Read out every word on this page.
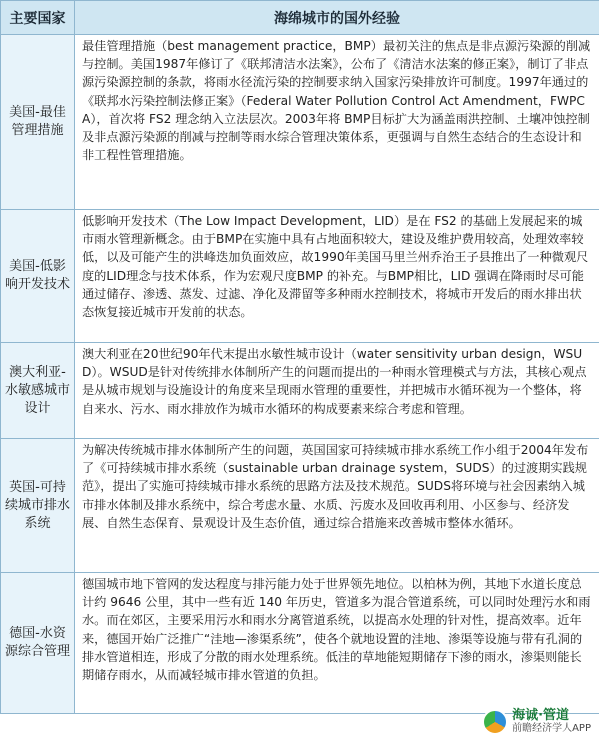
主要国家	海绵城市的国外经验
美国-最佳管理措施	最佳管理措施（best management practice，BMP）最初关注的焦点是非点源污染源的削减与控制。美国1987年修订了《联邦清洁水法案》，公布了《清洁水法案的修正案》，制订了非点源污染源控制的条款，将雨水径流污染的控制要求纳入国家污染排放许可制度。1997年通过的《联邦水污染控制法修正案》（Federal Water Pollution Control Act Amendment，FWPCA），首次将 FS2 理念纳入立法层次。2003年将 BMP目标扩大为涵盖雨洪控制、土壤冲蚀控制及非点源污染源的削减与控制等雨水综合管理决策体系，更强调与自然生态结合的生态设计和非工程性管理措施。
美国-低影响开发技术	低影响开发技术（The Low Impact Development，LID）是在 FS2 的基础上发展起来的城市雨水管理新概念。由于BMP在实施中具有占地面积较大，建设及维护费用较高，处理效率较低，以及可能产生的洪峰迭加负面效应，故1990年美国马里兰州乔治王子县推出了一种微观尺度的LID理念与技术体系，作为宏观尺度BMP 的补充。与BMP相比，LID 强调在降雨时尽可能通过储存、渗透、蒸发、过滤、净化及滞留等多种雨水控制技术，将城市开发后的雨水排出状态恢复接近城市开发前的状态。
澳大利亚-水敏感城市设计	澳大利亚在20世纪90年代末提出水敏性城市设计（water sensitivity urban design，WSUD）。WSUD是针对传统排水体制所产生的问题而提出的一种雨水管理模式与方法，其核心观点是从城市规划与设施设计的角度来呈现雨水管理的重要性，并把城市水循环视为一个整体，将自来水、污水、雨水排放作为城市水循环的构成要素来综合考虑和管理。
英国-可持续城市排水系统	为解决传统城市排水体制所产生的问题，英国国家可持续城市排水系统工作小组于2004年发布了《可持续城市排水系统（sustainable urban drainage system，SUDS）的过渡期实践规范》，提出了实施可持续城市排水系统的思路方法及技术规范。SUDS将环境与社会因素纳入城市排水体制及排水系统中，综合考虑水量、水质、污废水及回收再利用、小区参与、经济发展、自然生态保育、景观设计及生态价值，通过综合措施来改善城市整体水循环。
德国-水资源综合管理	德国城市地下管网的发达程度与排污能力处于世界领先地位。以柏林为例，其地下水道长度总计约 9646 公里，其中一些有近 140 年历史，管道多为混合管道系统，可以同时处理污水和雨水。而在郊区，主要采用污水和雨水分离管道系统，以提高水处理的针对性，提高效率。近年来，德国开始广泛推广“洼地—渗渠系统”，使各个就地设置的洼地、渗渠等设施与带有孔洞的排水管道相连，形成了分散的雨水处理系统。低洼的草地能短期储存下渗的雨水，渗渠则能长期储存雨水，从而减轻城市排水管道的负担。
海诚·管道
前瞻经济学人APP
